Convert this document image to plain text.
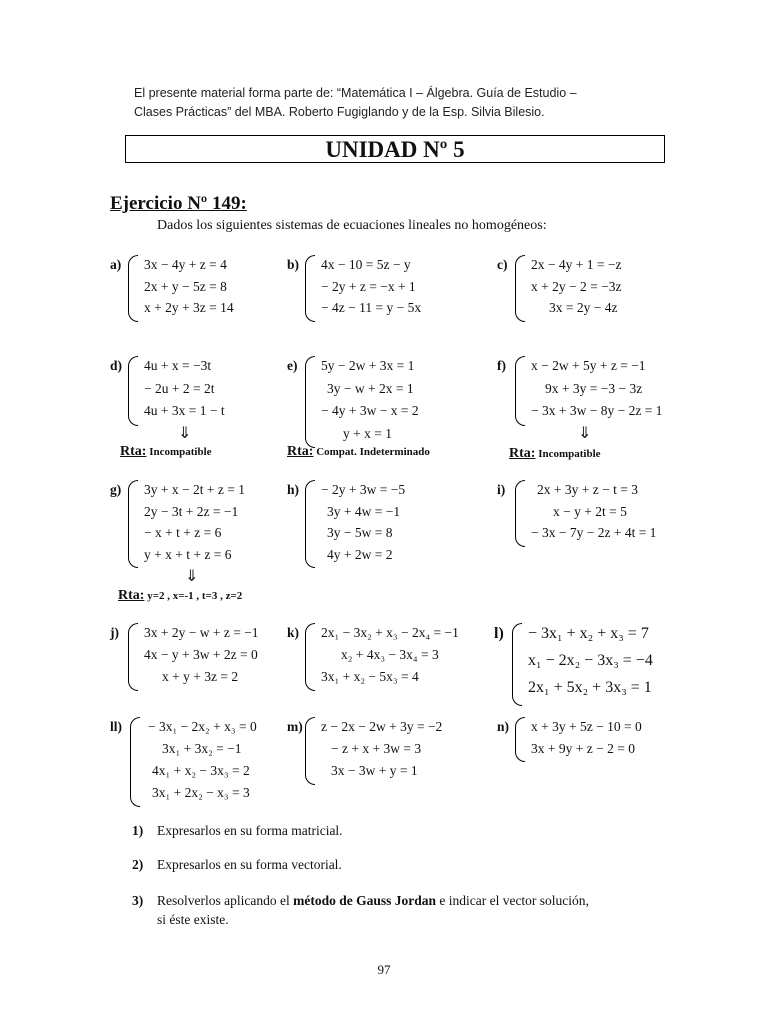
El presente material forma parte de: “Matemática I – Álgebra. Guía de Estudio –
Clases Prácticas” del MBA. Roberto Fugiglando y de la Esp. Silvia Bilesio.
UNIDAD Nº 5
Ejercicio Nº 149:
Dados los siguientes sistemas de ecuaciones lineales no homogéneos:
a) 3x − 4y + z = 4
2x + y − 5z = 8
x + 2y + 3z = 14
b) 4x − 10 = 5z − y
− 2y + z = −x + 1
− 4z − 11 = y − 5x
c) 2x − 4y + 1 = −z
x + 2y − 2 = −3z
3x = 2y − 4z
d) 4u + x = −3t
− 2u + 2 = 2t
4u + 3x = 1 − t
e) 5y − 2w + 3x = 1
3y − w + 2x = 1
− 4y + 3w − x = 2
y + x = 1
f) x − 2w + 5y + z = −1
9x + 3y = −3 − 3z
− 3x + 3w − 8y − 2z = 1
g) 3y + x − 2t + z = 1
2y − 3t + 2z = −1
− x + t + z = 6
y + x + t + z = 6
h) − 2y + 3w = −5
3y + 4w = −1
3y − 5w = 8
4y + 2w = 2
i) 2x + 3y + z − t = 3
x − y + 2t = 5
− 3x − 7y − 2z + 4t = 1
j) 3x + 2y − w + z = −1
4x − y + 3w + 2z = 0
x + y + 3z = 2
k) 2x₁ − 3x₂ + x₃ − 2x₄ = −1
x₂ + 4x₃ − 3x₄ = 3
3x₁ + x₂ − 5x₃ = 4
l) − 3x₁ + x₂ + x₃ = 7
x₁ − 2x₂ − 3x₃ = −4
2x₁ + 5x₂ + 3x₃ = 1
ll) − 3x₁ − 2x₂ + x₃ = 0
3x₁ + 3x₂ = −1
4x₁ + x₂ − 3x₃ = 2
3x₁ + 2x₂ − x₃ = 3
m) z − 2x − 2w + 3y = −2
− z + x + 3w = 3
3x − 3w + y = 1
n) x + 3y + 5z − 10 = 0
3x + 9y + z − 2 = 0
⇓	⇓
⇓
Rta: Incompatible	Rta: Compat. Indeterminado	Rta: Incompatible
Rta: y=2 , x=-1 , t=3 , z=2
1) Expresarlos en su forma matricial.
2) Expresarlos en su forma vectorial.
3) Resolverlos aplicando el método de Gauss Jordan e indicar el vector solución,
si éste existe.
97
